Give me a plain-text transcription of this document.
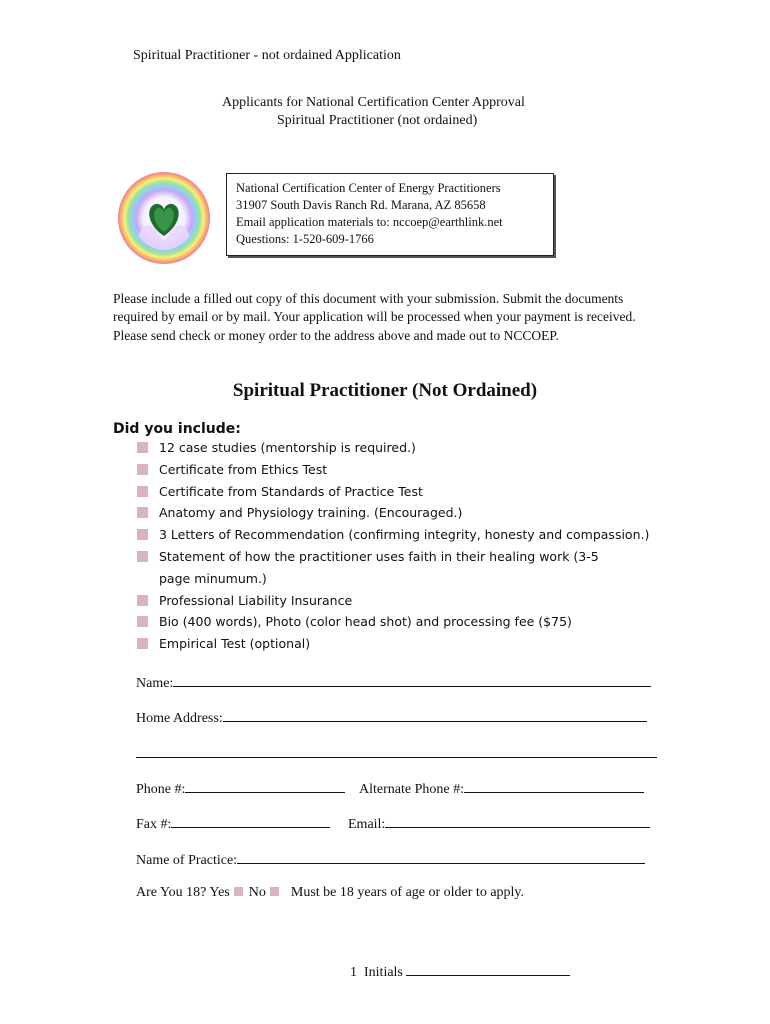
Spiritual Practitioner - not ordained Application
Applicants for National Certification Center Approval
Spiritual Practitioner (not ordained)
National Certification Center of Energy Practitioners
31907 South Davis Ranch Rd. Marana, AZ 85658
Email application materials to: nccoep@earthlink.net
Questions: 1-520-609-1766
Please include a filled out copy of this document with your submission. Submit the documents required by email or by mail. Your application will be processed when your payment is received. Please send check or money order to the address above and made out to NCCOEP.
Spiritual Practitioner (Not Ordained)
Did you include:
12 case studies (mentorship is required.)
Certificate from Ethics Test
Certificate from Standards of Practice Test
Anatomy and Physiology training. (Encouraged.)
3 Letters of Recommendation (confirming integrity, honesty and compassion.)
Statement of how the practitioner uses faith in their healing work (3-5 page minumum.)
Professional Liability Insurance
Bio (400 words), Photo (color head shot) and processing fee ($75)
Empirical Test (optional)
Name:
Home Address:
Phone #:	Alternate Phone #:
Fax #:	Email:
Name of Practice:
Are You 18? Yes No Must be 18 years of age or older to apply.
1 Initials
